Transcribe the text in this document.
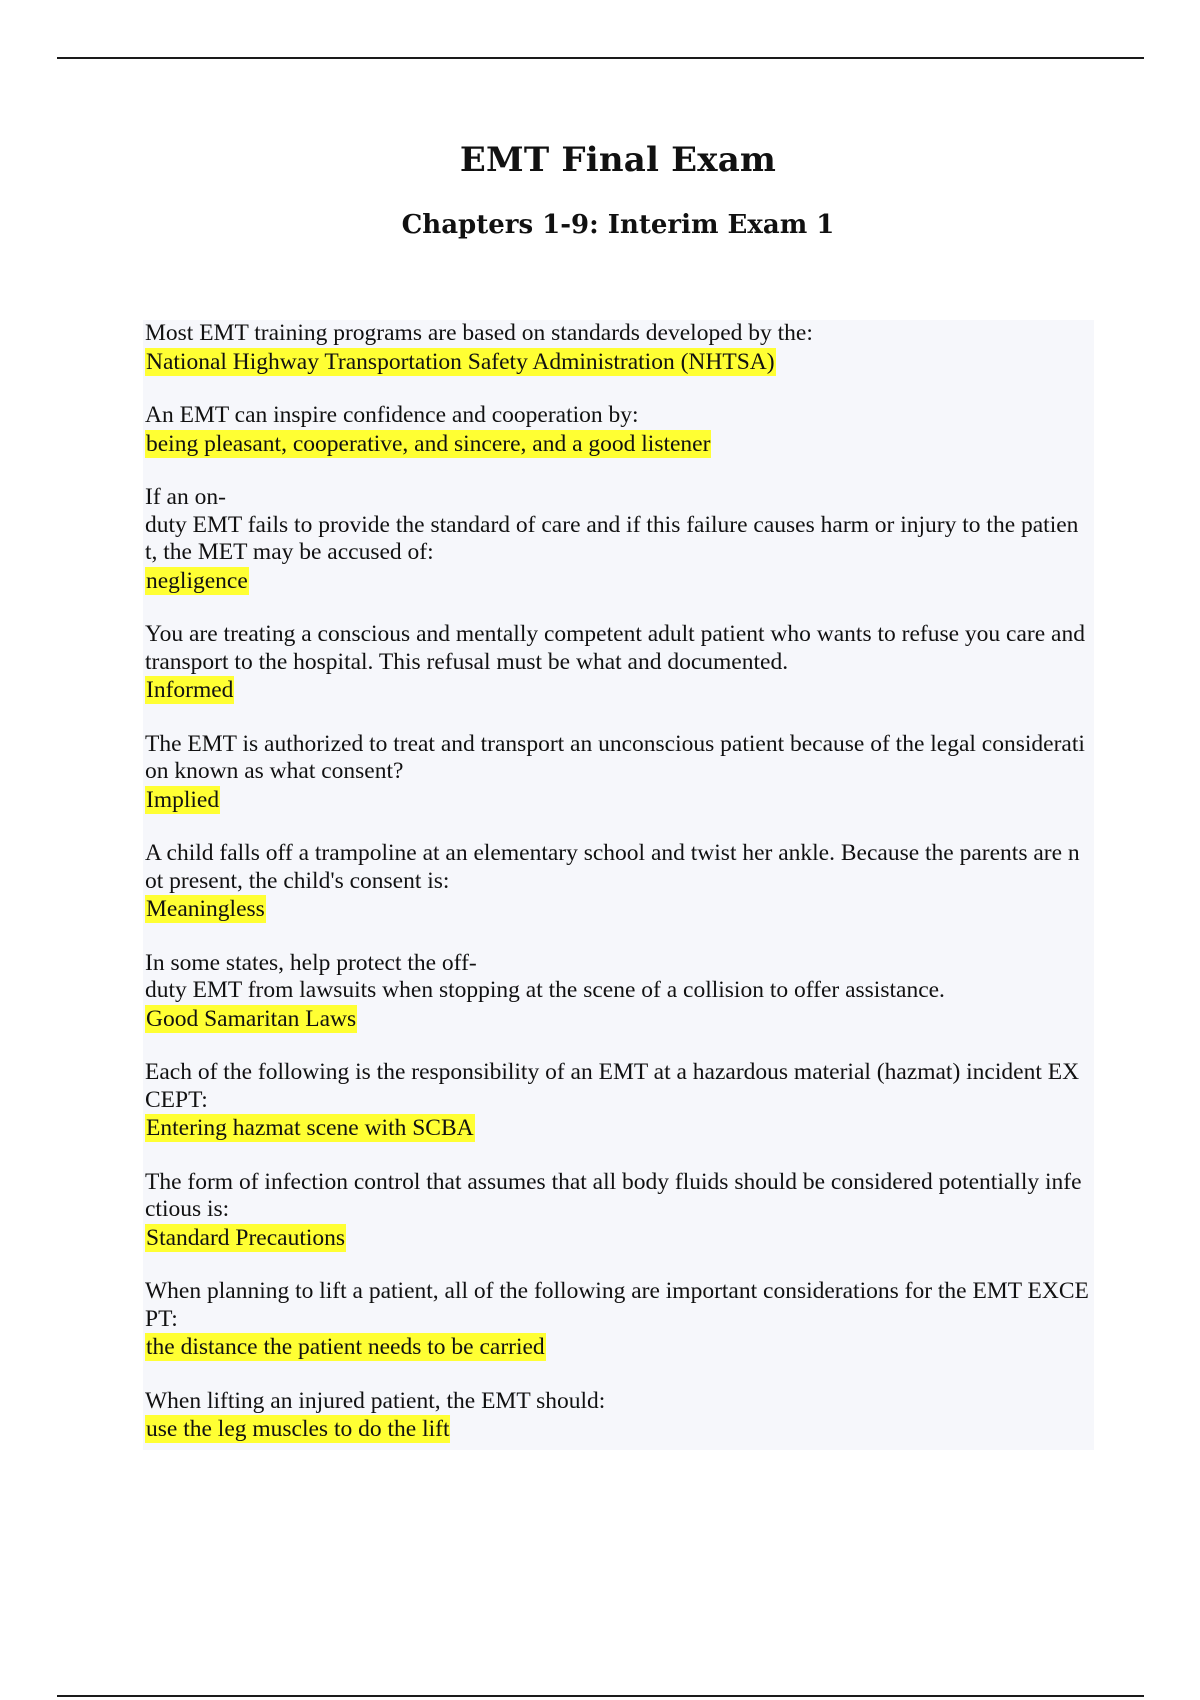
EMT Final Exam
Chapters 1-9: Interim Exam 1
Most EMT training programs are based on standards developed by the:
National Highway Transportation Safety Administration (NHTSA)
An EMT can inspire confidence and cooperation by:
being pleasant, cooperative, and sincere, and a good listener
If an on-
duty EMT fails to provide the standard of care and if this failure causes harm or injury to the patient, the MET may be accused of:
negligence
You are treating a conscious and mentally competent adult patient who wants to refuse you care and transport to the hospital. This refusal must be what and documented.
Informed
The EMT is authorized to treat and transport an unconscious patient because of the legal consideration known as what consent?
Implied
A child falls off a trampoline at an elementary school and twist her ankle. Because the parents are not present, the child's consent is:
Meaningless
In some states, help protect the off-
duty EMT from lawsuits when stopping at the scene of a collision to offer assistance.
Good Samaritan Laws
Each of the following is the responsibility of an EMT at a hazardous material (hazmat) incident EXCEPT:
Entering hazmat scene with SCBA
The form of infection control that assumes that all body fluids should be considered potentially infectious is:
Standard Precautions
When planning to lift a patient, all of the following are important considerations for the EMT EXCEPT:
the distance the patient needs to be carried
When lifting an injured patient, the EMT should:
use the leg muscles to do the lift
